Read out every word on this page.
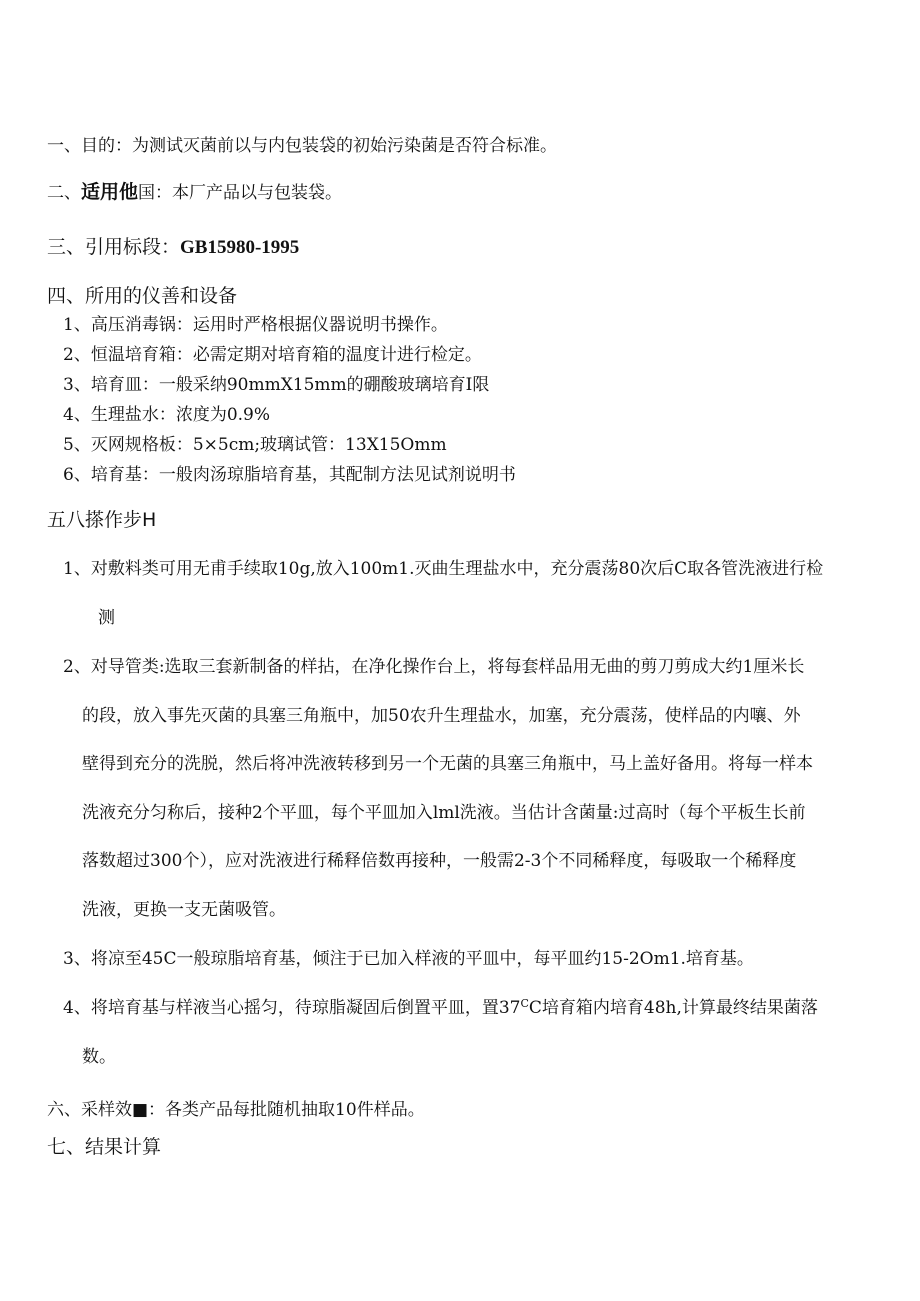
一、目的：为测试灭菌前以与内包装袋的初始污染菌是否符合标准。
二、适用他国：本厂产品以与包装袋。
三、引用标段：GB15980-1995
四、所用的仪善和设备
1、高压消毒锅：运用时严格根据仪器说明书操作。
2、恒温培育箱：必需定期对培育箱的温度计进行检定。
3、培育皿：一般采纳90mmX15mm的硼酸玻璃培育I限
4、生理盐水：浓度为0.9%
5、灭网规格板：5×5cm;玻璃试管：13X15Omm
6、培育基：一般肉汤琼脂培育基，其配制方法见试剂说明书
五八搽作步H
1、对敷料类可用无甫手续取10g,放入100m1.灭曲生理盐水中，充分震荡80次后C取各管洗液进行检
测
2、对导管类:选取三套新制备的样拈，在净化操作台上，将每套样品用无曲的剪刀剪成大约1厘米长
的段，放入事先灭菌的具塞三角瓶中，加50农升生理盐水，加塞，充分震荡，使样品的内嚷、外
壁得到充分的洗脱，然后将冲洗液转移到另一个无菌的具塞三角瓶中，马上盖好备用。将每一样本
洗液充分匀称后，接种2个平皿，每个平皿加入lml洗液。当估计含菌量:过高时（每个平板生长前
落数超过300个），应对洗液进行稀释倍数再接种，一般需2-3个不同稀释度，每吸取一个稀释度
洗液，更换一支无菌吸管。
3、将凉至45C一般琼脂培育基，倾注于已加入样液的平皿中，每平皿约15-2Om1.培育基。
4、将培育基与样液当心摇匀，待琼脂凝固后倒置平皿，置$37^CC$培育箱内培育48h,计算最终结果菌落
数。
六、采样效■：各类产品每批随机抽取10件样品。
七、结果计算
